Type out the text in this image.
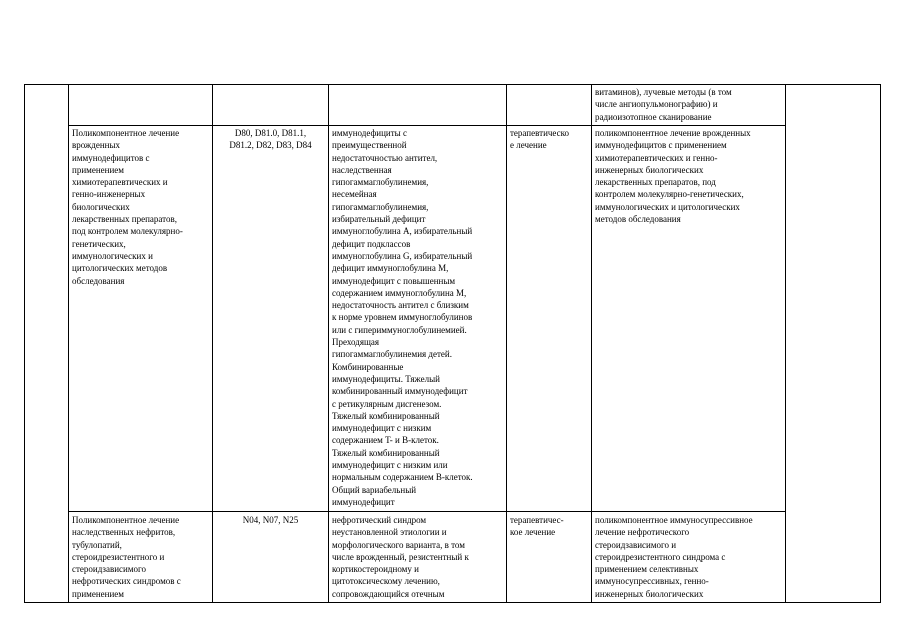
витаминов), лучевые методы (в том
числе ангиопульмонографию) и
радиоизотопное сканирование
Поликомпонентное лечение
врожденных
иммунодефицитов с
применением
химиотерапевтических и
генно-инженерных
биологических
лекарственных препаратов,
под контролем молекулярно-
генетических,
иммунологических и
цитологических методов
обследования
D80, D81.0, D81.1,
D81.2, D82, D83, D84
иммунодефициты с
преимущественной
недостаточностью антител,
наследственная
гипогаммаглобулинемия,
несемейная
гипогаммаглобулинемия,
избирательный дефицит
иммуноглобулина A, избирательный
дефицит подклассов
иммуноглобулина G, избирательный
дефицит иммуноглобулина M,
иммунодефицит с повышенным
содержанием иммуноглобулина M,
недостаточность антител с близким
к норме уровнем иммуноглобулинов
или с гипериммуноглобулинемией.
Преходящая
гипогаммаглобулинемия детей.
Комбинированные
иммунодефициты. Тяжелый
комбинированный иммунодефицит
с ретикулярным дисгенезом.
Тяжелый комбинированный
иммунодефицит с низким
содержанием T- и B-клеток.
Тяжелый комбинированный
иммунодефицит с низким или
нормальным содержанием B-клеток.
Общий вариабельный
иммунодефицит
терапевтическо
е лечение
поликомпонентное лечение врожденных
иммунодефицитов с применением
химиотерапевтических и генно-
инженерных биологических
лекарственных препаратов, под
контролем молекулярно-генетических,
иммунологических и цитологических
методов обследования
Поликомпонентное лечение
наследственных нефритов,
тубулопатий,
стероидрезистентного и
стероидзависимого
нефротических синдромов с
применением
N04, N07, N25	нефротический синдром
неустановленной этиологии и
морфологического варианта, в том
числе врожденный, резистентный к
кортикостероидному и
цитотоксическому лечению,
сопровождающийся отечным
терапевтичес-
кое лечение
поликомпонентное иммуносупрессивное
лечение нефротического
стероидзависимого и
стероидрезистентного синдрома с
применением селективных
иммуносупрессивных, генно-
инженерных биологических
